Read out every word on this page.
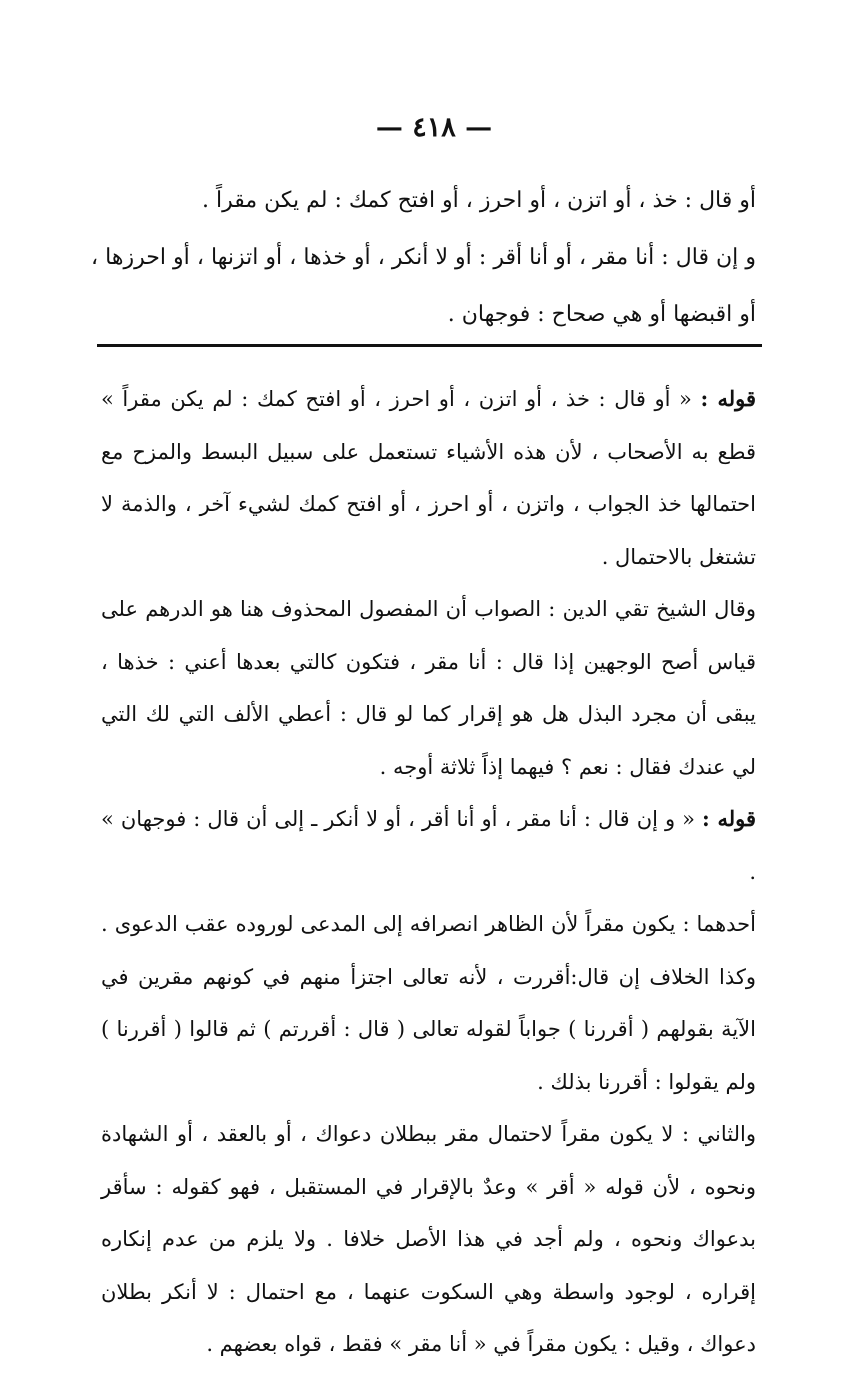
— ٤١٨ —

أو قال : خذ ، أو اتزن ، أو احرز ، أو افتح كمك : لم يكن مقراً .

و إن قال : أنا مقر ، أو أنا أقر : أو لا أنكر ، أو خذها ، أو اتزنها ، أو احرزها ، أو اقبضها أو هي صحاح : فوجهان .

قوله : « أو قال : خذ ، أو اتزن ، أو احرز ، أو افتح كمك : لم يكن مقراً » قطع به الأصحاب ، لأن هذه الأشياء تستعمل على سبيل البسط والمزح مع احتمالها خذ الجواب ، واتزن ، أو احرز ، أو افتح كمك لشيء آخر ، والذمة لا تشتغل بالاحتمال .

وقال الشيخ تقي الدين : الصواب أن المفصول المحذوف هنا هو الدرهم على قياس أصح الوجهين إذا قال : أنا مقر ، فتكون كالتي بعدها أعني : خذها ، يبقى أن مجرد البذل هل هو إقرار كما لو قال : أعطي الألف التي لك التي لي عندك فقال : نعم ؟ فيهما إذاً ثلاثة أوجه .

قوله : « و إن قال : أنا مقر ، أو أنا أقر ، أو لا أنكر ـ إلى أن قال : فوجهان » .

أحدهما : يكون مقراً لأن الظاهر انصرافه إلى المدعى لوروده عقب الدعوى . وكذا الخلاف إن قال:أقررت ، لأنه تعالى اجتزأ منهم في كونهم مقرين في الآية بقولهم ( أقررنا ) جواباً لقوله تعالى ( قال : أقررتم ) ثم قالوا ( أقررنا ) ولم يقولوا : أقررنا بذلك .

والثاني : لا يكون مقراً لاحتمال مقر ببطلان دعواك ، أو بالعقد ، أو الشهادة ونحوه ، لأن قوله « أقر » وعدٌ بالإقرار في المستقبل ، فهو كقوله : سأقر بدعواك ونحوه ، ولم أجد في هذا الأصل خلافا . ولا يلزم من عدم إنكاره إقراره ، لوجود واسطة وهي السكوت عنهما ، مع احتمال : لا أنكر بطلان دعواك ، وقيل : يكون مقراً في « أنا مقر » فقط ، قواه بعضهم .
